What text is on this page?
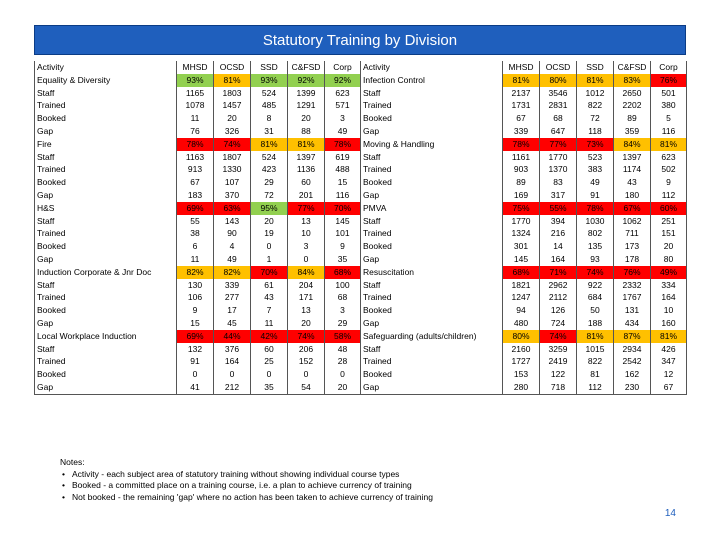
Statutory Training by Division
Activity	MHSD	OCSD	SSD	C&FSD	Corp
Equality & Diversity	93%	81%	93%	92%	92%
Staff	1165	1803	524	1399	623
Trained	1078	1457	485	1291	571
Booked	11	20	8	20	3
Gap	76	326	31	88	49
Fire	78%	74%	81%	81%	78%
Staff	1163	1807	524	1397	619
Trained	913	1330	423	1136	488
Booked	67	107	29	60	15
Gap	183	370	72	201	116
H&S	69%	63%	95%	77%	70%
Staff	55	143	20	13	145
Trained	38	90	19	10	101
Booked	6	4	0	3	9
Gap	11	49	1	0	35
Induction Corporate & Jnr Doc	82%	82%	70%	84%	68%
Staff	130	339	61	204	100
Trained	106	277	43	171	68
Booked	9	17	7	13	3
Gap	15	45	11	20	29
Local Workplace Induction	69%	44%	42%	74%	58%
Staff	132	376	60	206	48
Trained	91	164	25	152	28
Booked	0	0	0	0	0
Gap	41	212	35	54	20
Activity	MHSD	OCSD	SSD	C&FSD	Corp
Infection Control	81%	80%	81%	83%	76%
Staff	2137	3546	1012	2650	501
Trained	1731	2831	822	2202	380
Booked	67	68	72	89	5
Gap	339	647	118	359	116
Moving & Handling	78%	77%	73%	84%	81%
Staff	1161	1770	523	1397	623
Trained	903	1370	383	1174	502
Booked	89	83	49	43	9
Gap	169	317	91	180	112
PMVA	75%	55%	78%	67%	60%
Staff	1770	394	1030	1062	251
Trained	1324	216	802	711	151
Booked	301	14	135	173	20
Gap	145	164	93	178	80
Resuscitation	68%	71%	74%	76%	49%
Staff	1821	2962	922	2332	334
Trained	1247	2112	684	1767	164
Booked	94	126	50	131	10
Gap	480	724	188	434	160
Safeguarding (adults/children)	80%	74%	81%	87%	81%
Staff	2160	3259	1015	2934	426
Trained	1727	2419	822	2542	347
Booked	153	122	81	162	12
Gap	280	718	112	230	67
Notes:
• Activity - each subject area of statutory training without showing individual course types
• Booked - a committed place on a training course, i.e. a plan to achieve currency of training
• Not booked - the remaining 'gap' where no action has been taken to achieve currency of training
14
